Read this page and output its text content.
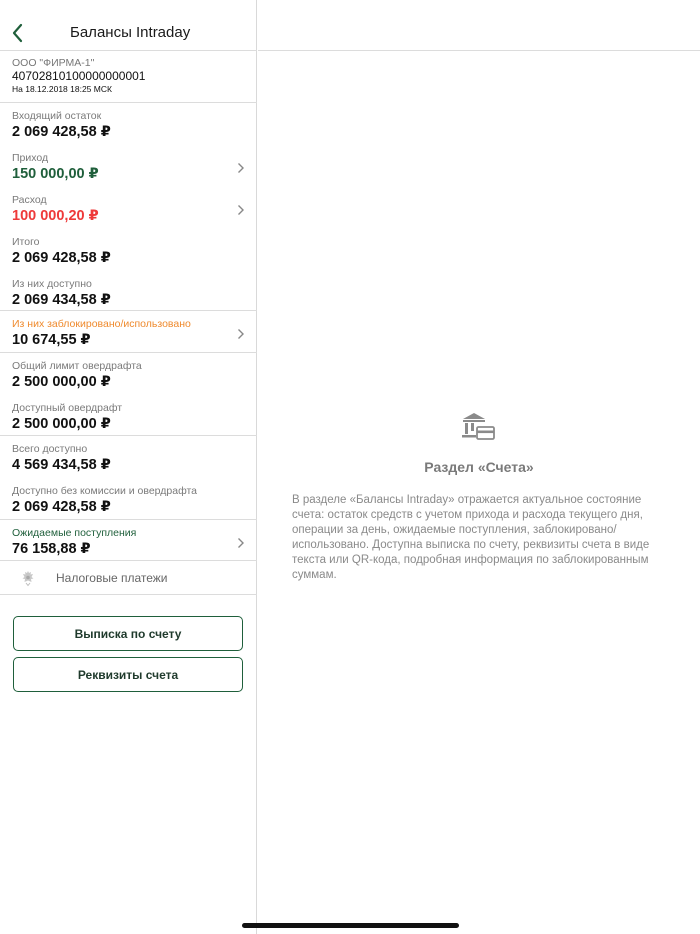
Балансы Intraday
ООО "ФИРМА-1"
40702810100000000001
На 18.12.2018 18:25 МСК
Входящий остаток
2 069 428,58 ₽
Приход
150 000,00 ₽
Расход
100 000,20 ₽
Итого
2 069 428,58 ₽
Из них доступно
2 069 434,58 ₽
Из них заблокировано/использовано
10 674,55 ₽
Общий лимит овердрафта
2 500 000,00 ₽
Доступный овердрафт
2 500 000,00 ₽
Всего доступно
4 569 434,58 ₽
Доступно без комиссии и овердрафта
2 069 428,58 ₽
Ожидаемые поступления
76 158,88 ₽
Налоговые платежи
Выписка по счету
Реквизиты счета
Раздел «Счета»
В разделе «Балансы Intraday» отражается актуальное состояние счета: остаток средств с учетом прихода и расхода текущего дня, операции за день, ожидаемые поступления, заблокировано/использовано. Доступна выписка по счету, реквизиты счета в виде текста или QR-кода, подробная информация по заблокированным суммам.
